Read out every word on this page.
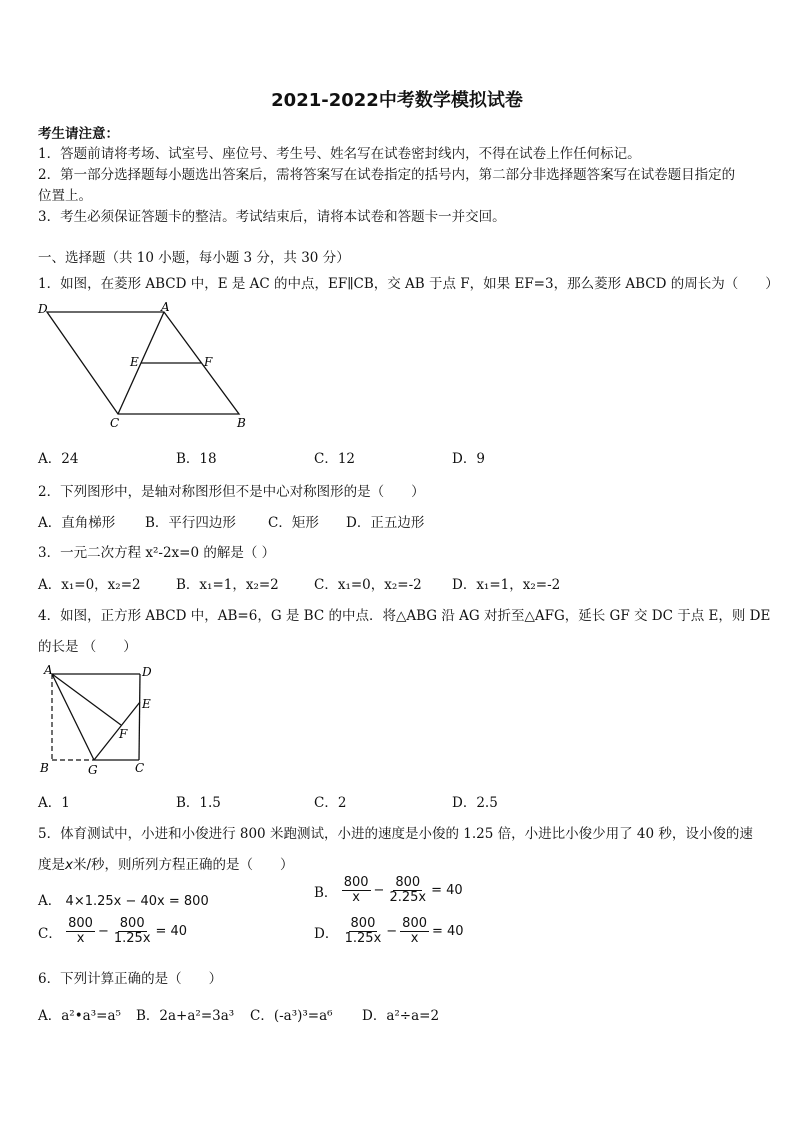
2021-2022中考数学模拟试卷
考生请注意：
1．答题前请将考场、试室号、座位号、考生号、姓名写在试卷密封线内，不得在试卷上作任何标记。
2．第一部分选择题每小题选出答案后，需将答案写在试卷指定的括号内，第二部分非选择题答案写在试卷题目指定的
位置上。
3．考生必须保证答题卡的整洁。考试结束后，请将本试卷和答题卡一并交回。
一、选择题（共 10 小题，每小题 3 分，共 30 分）
1．如图，在菱形 ABCD 中，E 是 AC 的中点，EF∥CB，交 AB 于点 F，如果 EF=3，那么菱形 ABCD 的周长为（　　）
D	A
E	F
C	B
A．24	B．18	C．12	D．9
2．下列图形中，是轴对称图形但不是中心对称图形的是（　　）
A．直角梯形 B．平行四边形 C．矩形 D．正五边形
3．一元二次方程 x²-2x=0 的解是（ ）
A．x₁=0，x₂=2	B．x₁=1，x₂=2	C．x₁=0，x₂=-2 D．x₁=1，x₂=-2
4．如图，正方形 ABCD 中，AB=6，G 是 BC 的中点．将△ABG 沿 AG 对折至△AFG，延长 GF 交 DC 于点 E，则 DE
的长是 （　　）
A	D
E
F
B	G	C
A．1	B．1.5	C．2	D．2.5
5．体育测试中，小进和小俊进行 800 米跑测试，小进的速度是小俊的 1.25 倍，小进比小俊少用了 40 秒，设小俊的速
度是x米/秒，则所列方程正确的是（　　）
A． 4×1.25x − 40x = 800
B． $\frac{800}{x} - \frac{800}{2.25x} = 40$
C． $\frac{800}{x} - \frac{800}{1.25x} = 40$	D． $\frac{800}{1.25x} - \frac{800}{x} = 40$
6．下列计算正确的是（　　）
A．a²•a³=a⁵ B．2a+a²=3a³ C．(-a³)³=a⁶ D．a²÷a=2
